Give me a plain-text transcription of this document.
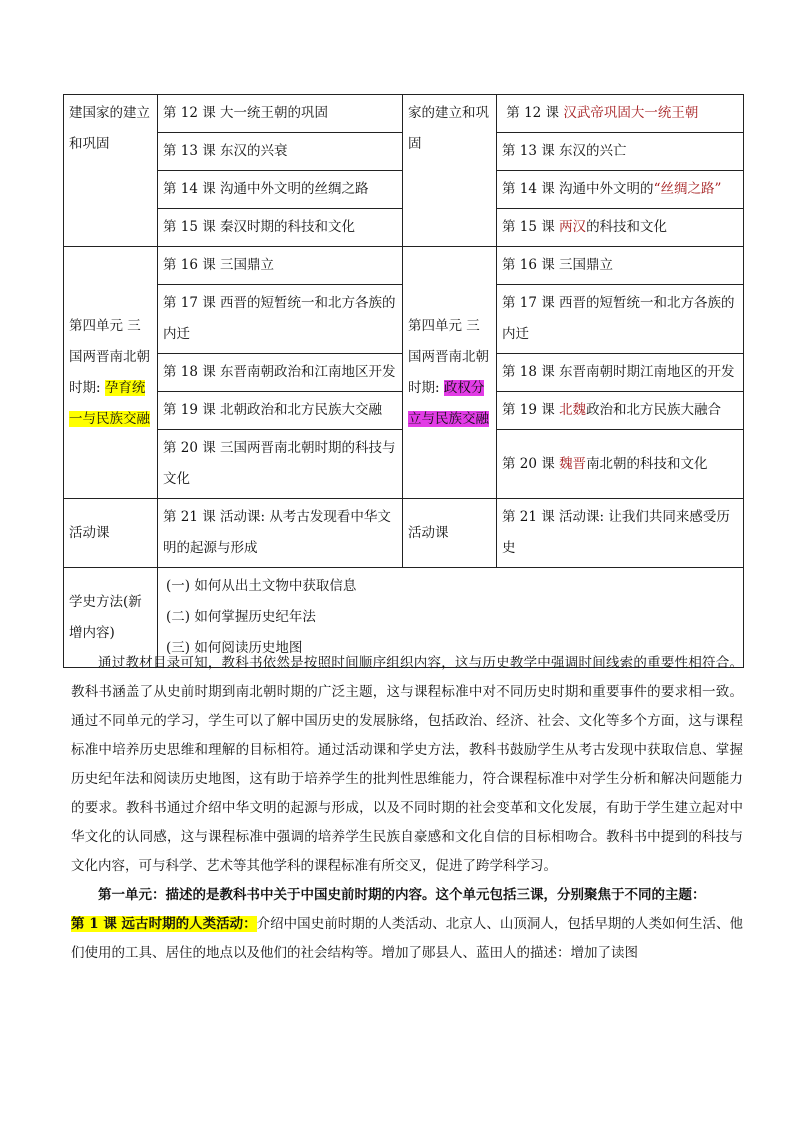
建国家的建立和巩固	第 12 课 大一统王朝的巩固	家的建立和巩固	第 12 课 汉武帝巩固大一统王朝
	第 13 课 东汉的兴衰		第 13 课 东汉的兴亡
	第 14 课 沟通中外文明的丝绸之路		第 14 课 沟通中外文明的“丝绸之路”
	第 15 课 秦汉时期的科技和文化		第 15 课 两汉的科技和文化
第四单元 三国两晋南北朝时期: 孕育统一与民族交融	第 16 课 三国鼎立	第四单元 三国两晋南北朝时期: 政权分立与民族交融	第 16 课 三国鼎立
	第 17 课 西晋的短暂统一和北方各族的内迁		第 17 课 西晋的短暂统一和北方各族的内迁
	第 18 课 东晋南朝政治和江南地区开发		第 18 课 东晋南朝时期江南地区的开发
	第 19 课 北朝政治和北方民族大交融		第 19 课 北魏政治和北方民族大融合
	第 20 课 三国两晋南北朝时期的科技与文化		第 20 课 魏晋南北朝的科技和文化
活动课	第 21 课 活动课: 从考古发现看中华文明的起源与形成	活动课	第 21 课 活动课: 让我们共同来感受历史
学史方法(新增内容)	(一) 如何从出土文物中获取信息
(二) 如何掌握历史纪年法
(三) 如何阅读历史地图		

通过教材目录可知，教科书依然是按照时间顺序组织内容，这与历史教学中强调时间线索的重要性相符合。教科书涵盖了从史前时期到南北朝时期的广泛主题，这与课程标准中对不同历史时期和重要事件的要求相一致。通过不同单元的学习，学生可以了解中国历史的发展脉络，包括政治、经济、社会、文化等多个方面，这与课程标准中培养历史思维和理解的目标相符。通过活动课和学史方法，教科书鼓励学生从考古发现中获取信息、掌握历史纪年法和阅读历史地图，这有助于培养学生的批判性思维能力，符合课程标准中对学生分析和解决问题能力的要求。教科书通过介绍中华文明的起源与形成，以及不同时期的社会变革和文化发展，有助于学生建立起对中华文化的认同感，这与课程标准中强调的培养学生民族自豪感和文化自信的目标相吻合。教科书中提到的科技与文化内容，可与科学、艺术等其他学科的课程标准有所交叉，促进了跨学科学习。

第一单元：描述的是教科书中关于中国史前时期的内容。这个单元包括三课，分别聚焦于不同的主题：

第 1 课 远古时期的人类活动：介绍中国史前时期的人类活动、北京人、山顶洞人，包括早期的人类如何生活、他们使用的工具、居住的地点以及他们的社会结构等。增加了郧县人、蓝田人的描述：增加了读图
